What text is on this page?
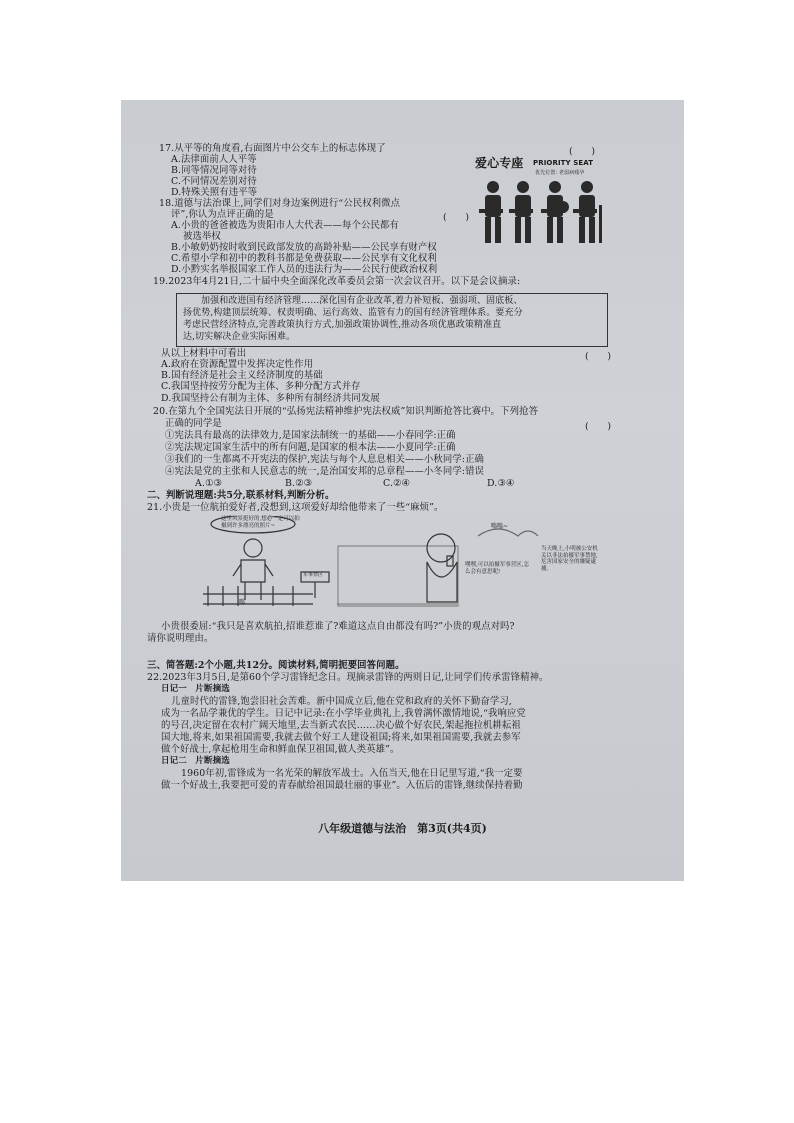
17.从平等的角度看,右面图片中公交车上的标志体现了	(　　)
A.法律面前人人平等
B.同等情况同等对待
C.不同情况差别对待
D.特殊关照有违平等
爱心专座 PRIORITY SEAT
优先位置: 老弱病残孕
18.道德与法治课上,同学们对身边案例进行“公民权利微点
评”,你认为点评正确的是	(　　)
A.小贵的爸爸被选为贵阳市人大代表——每个公民都有
被选举权
B.小敏奶奶按时收到民政部发放的高龄补贴——公民享有财产权
C.希望小学和初中的教科书都是免费获取——公民享有文化权利
D.小黔实名举报国家工作人员的违法行为——公民行使政治权利
19.2023年4月21日,二十届中央全面深化改革委员会第一次会议召开。以下是会议摘录:
加强和改进国有经济管理……深化国有企业改革,着力补短板、强弱项、固底板、
扬优势,构建顶层统筹、权责明确、运行高效、监管有力的国有经济管理体系。要充分
考虑民营经济特点,完善政策执行方式,加强政策协调性,推动各项优惠政策精准直
达,切实解决企业实际困难。
从以上材料中可看出	(　　)
A.政府在资源配置中发挥决定性作用
B.国有经济是社会主义经济制度的基础
C.我国坚持按劳分配为主体、多种分配方式并存
D.我国坚持公有制为主体、多种所有制经济共同发展
20.在第九个全国宪法日开展的“弘扬宪法精神维护宪法权威”知识判断抢答比赛中。下列抢答
正确的同学是	(　　)
①宪法具有最高的法律效力,是国家法制统一的基础——小春同学:正确
②宪法规定国家生活中的所有问题,是国家的根本法——小夏同学:正确
③我们的一生都离不开宪法的保护,宪法与每个人息息相关——小秋同学:正确
④宪法是党的主张和人民意志的统一,是治国安邦的总章程——小冬同学:错误
A.①③	B.②③	C.②④	D.③④
二、判断说理题:共5分,联系材料,判断分析。
21.小贵是一位航拍爱好者,没想到,这项爱好却给他带来了一些“麻烦”。
这里风景挺好的,想必一定可以拍摄到许多漂亮的照片~
军事禁区
嘿嘿,可以拍摄军事营区,怎么会有意思呢!
当天晚上,小明被公安机关以非法拍摄军事禁地,危害国家安全的嫌疑逮捕。
嗡嗡~
嗡
小贵很委屈:“我只是喜欢航拍,招谁惹谁了?难道这点自由都没有吗?”小贵的观点对吗?
请你说明理由。
三、简答题:2个小题,共12分。阅读材料,简明扼要回答问题。
22.2023年3月5日,是第60个学习雷锋纪念日。现摘录雷锋的两则日记,让同学们传承雷锋精神。
日记一　片断摘选
儿童时代的雷锋,饱尝旧社会苦难。新中国成立后,他在党和政府的关怀下勤奋学习,
成为一名品学兼优的学生。日记中记录:在小学毕业典礼上,我曾满怀激情地说,“我响应党
的号召,决定留在农村广阔天地里,去当新式农民……决心做个好农民,架起拖拉机耕耘祖
国大地,将来,如果祖国需要,我就去做个好工人建设祖国;将来,如果祖国需要,我就去参军
做个好战士,拿起枪用生命和鲜血保卫祖国,做人类英雄”。
日记二　片断摘选
1960年初,雷锋成为一名光荣的解放军战士。入伍当天,他在日记里写道,“我一定要
做一个好战士,我要把可爱的青春献给祖国最壮丽的事业”。入伍后的雷锋,继续保持着勤
八年级道德与法治　第3页(共4页)
